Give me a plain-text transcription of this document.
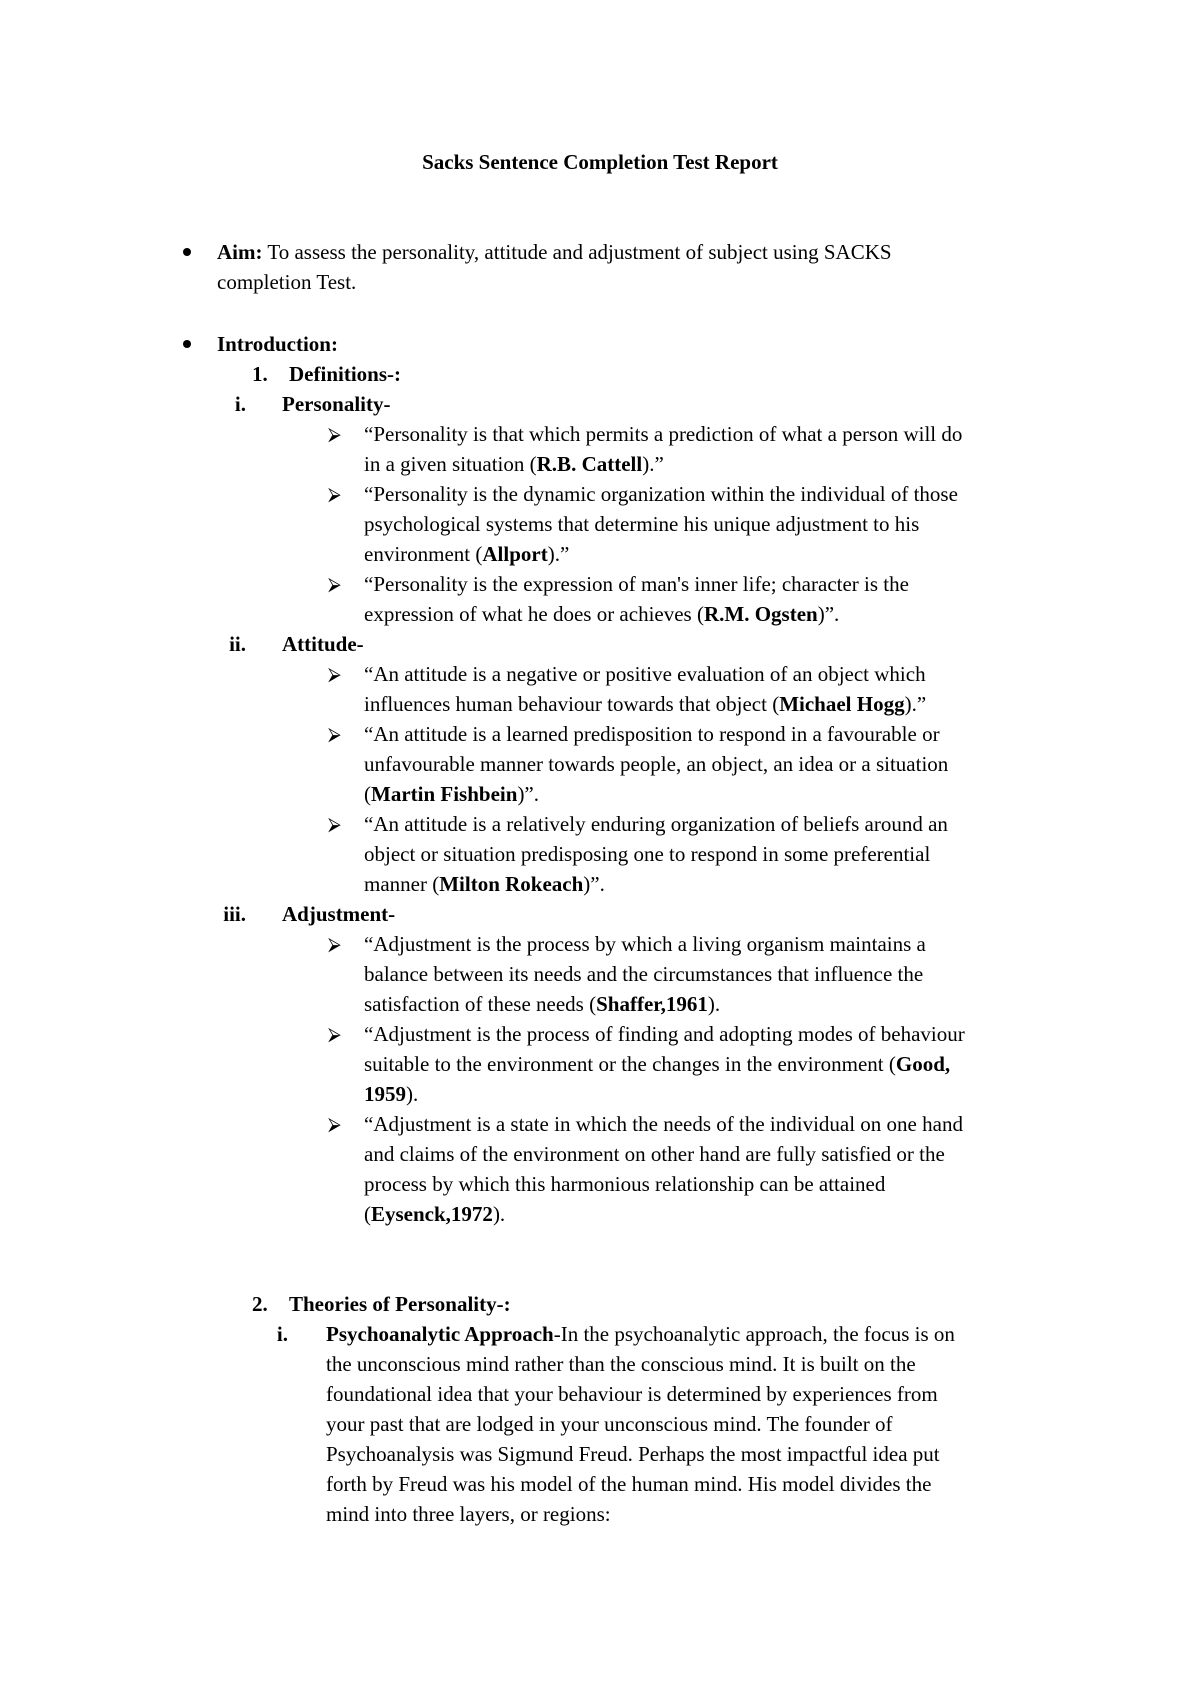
Sacks Sentence Completion Test Report
Aim: To assess the personality, attitude and adjustment of subject using SACKS
completion Test.
Introduction:
1. Definitions-:
i. Personality-
⮚ “Personality is that which permits a prediction of what a person will do
in a given situation (R.B. Cattell).”
⮚ “Personality is the dynamic organization within the individual of those
psychological systems that determine his unique adjustment to his
environment (Allport).”
⮚ “Personality is the expression of man's inner life; character is the
expression of what he does or achieves (R.M. Ogsten)”.
ii. Attitude-
⮚ “An attitude is a negative or positive evaluation of an object which
influences human behaviour towards that object (Michael Hogg).”
⮚ “An attitude is a learned predisposition to respond in a favourable or
unfavourable manner towards people, an object, an idea or a situation
(Martin Fishbein)”.
⮚ “An attitude is a relatively enduring organization of beliefs around an
object or situation predisposing one to respond in some preferential
manner (Milton Rokeach)”.
iii. Adjustment-
⮚ “Adjustment is the process by which a living organism maintains a
balance between its needs and the circumstances that influence the
satisfaction of these needs (Shaffer,1961).
⮚ “Adjustment is the process of finding and adopting modes of behaviour
suitable to the environment or the changes in the environment (Good,
1959).
⮚ “Adjustment is a state in which the needs of the individual on one hand
and claims of the environment on other hand are fully satisfied or the
process by which this harmonious relationship can be attained
(Eysenck,1972).
2. Theories of Personality-:
i. Psychoanalytic Approach-In the psychoanalytic approach, the focus is on
the unconscious mind rather than the conscious mind. It is built on the
foundational idea that your behaviour is determined by experiences from
your past that are lodged in your unconscious mind. The founder of
Psychoanalysis was Sigmund Freud. Perhaps the most impactful idea put
forth by Freud was his model of the human mind. His model divides the
mind into three layers, or regions:
